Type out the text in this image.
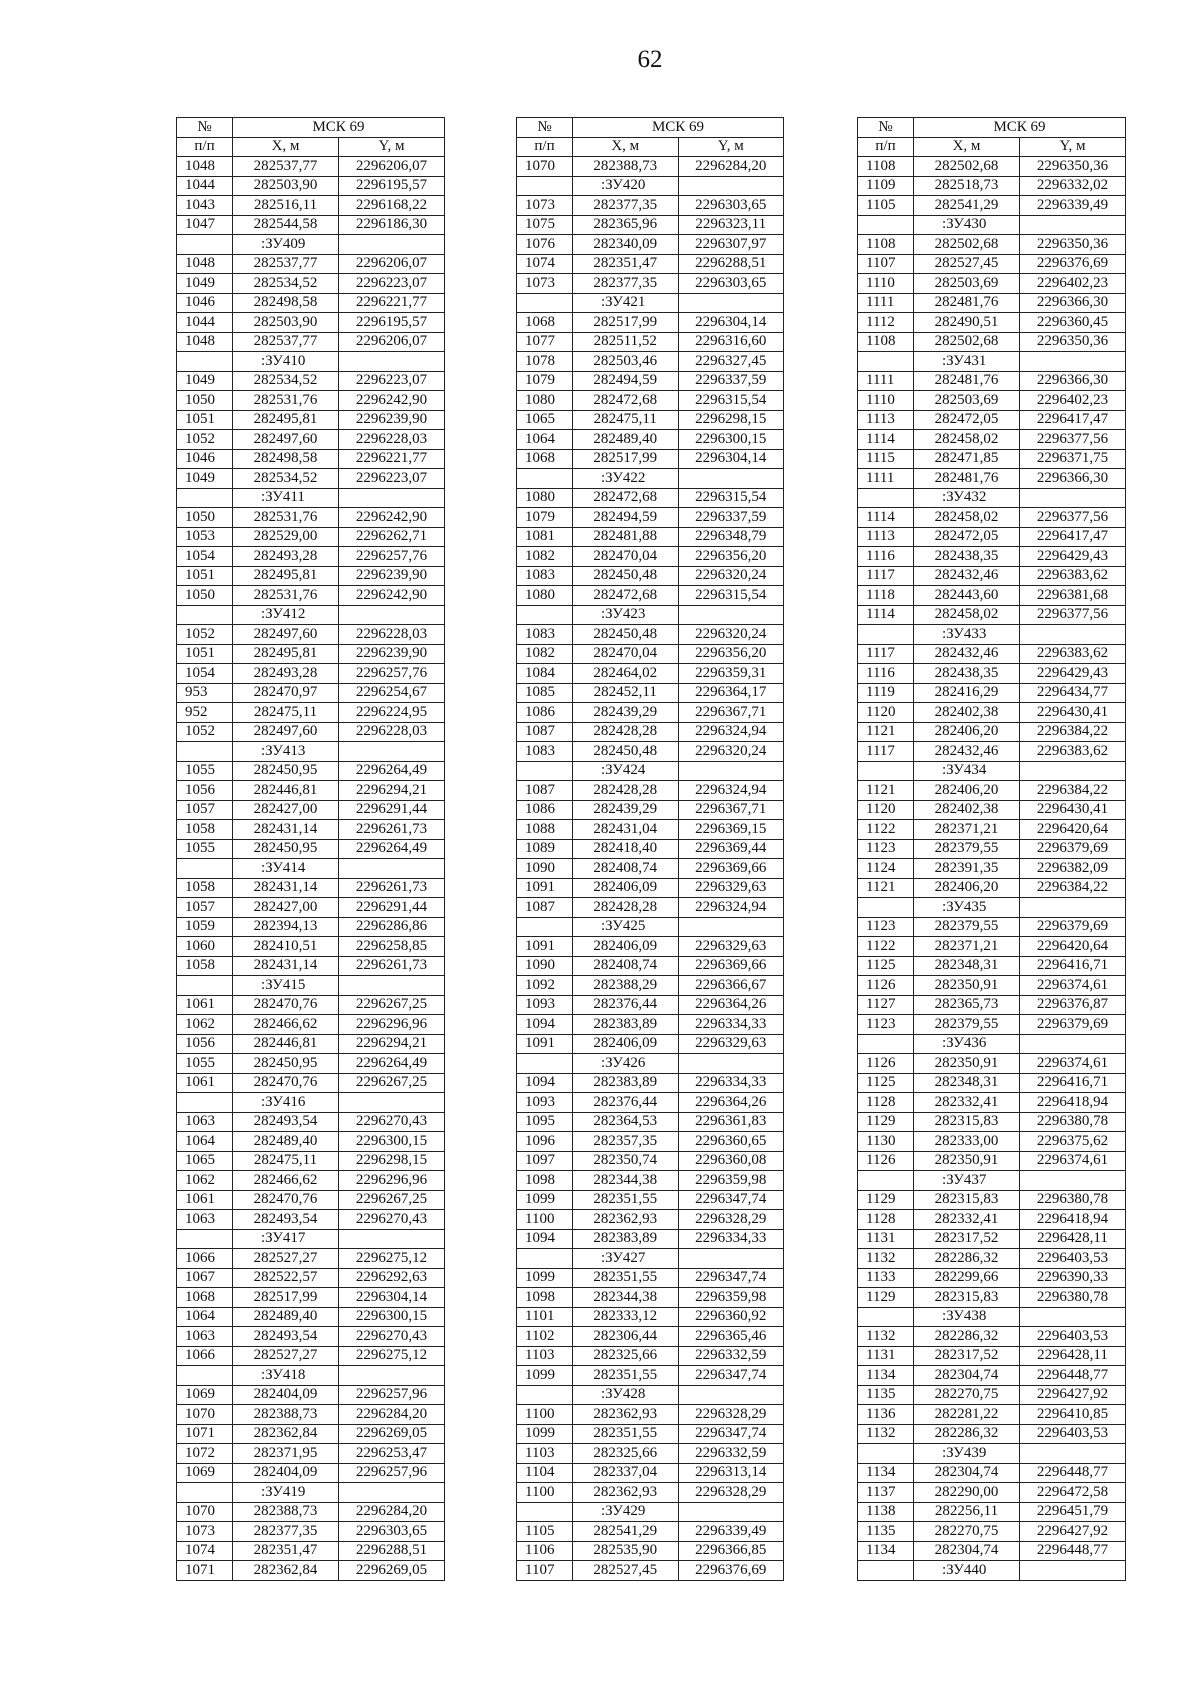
62
№	МСК 69	
п/п	X, м	Y, м
1048	282537,77	2296206,07
1044	282503,90	2296195,57
1043	282516,11	2296168,22
1047	282544,58	2296186,30
	:ЗУ409	
1048	282537,77	2296206,07
1049	282534,52	2296223,07
1046	282498,58	2296221,77
1044	282503,90	2296195,57
1048	282537,77	2296206,07
	:ЗУ410	
1049	282534,52	2296223,07
1050	282531,76	2296242,90
1051	282495,81	2296239,90
1052	282497,60	2296228,03
1046	282498,58	2296221,77
1049	282534,52	2296223,07
	:ЗУ411	
1050	282531,76	2296242,90
1053	282529,00	2296262,71
1054	282493,28	2296257,76
1051	282495,81	2296239,90
1050	282531,76	2296242,90
	:ЗУ412	
1052	282497,60	2296228,03
1051	282495,81	2296239,90
1054	282493,28	2296257,76
953	282470,97	2296254,67
952	282475,11	2296224,95
1052	282497,60	2296228,03
	:ЗУ413	
1055	282450,95	2296264,49
1056	282446,81	2296294,21
1057	282427,00	2296291,44
1058	282431,14	2296261,73
1055	282450,95	2296264,49
	:ЗУ414	
1058	282431,14	2296261,73
1057	282427,00	2296291,44
1059	282394,13	2296286,86
1060	282410,51	2296258,85
1058	282431,14	2296261,73
	:ЗУ415	
1061	282470,76	2296267,25
1062	282466,62	2296296,96
1056	282446,81	2296294,21
1055	282450,95	2296264,49
1061	282470,76	2296267,25
	:ЗУ416	
1063	282493,54	2296270,43
1064	282489,40	2296300,15
1065	282475,11	2296298,15
1062	282466,62	2296296,96
1061	282470,76	2296267,25
1063	282493,54	2296270,43
	:ЗУ417	
1066	282527,27	2296275,12
1067	282522,57	2296292,63
1068	282517,99	2296304,14
1064	282489,40	2296300,15
1063	282493,54	2296270,43
1066	282527,27	2296275,12
	:ЗУ418	
1069	282404,09	2296257,96
1070	282388,73	2296284,20
1071	282362,84	2296269,05
1072	282371,95	2296253,47
1069	282404,09	2296257,96
	:ЗУ419	
1070	282388,73	2296284,20
1073	282377,35	2296303,65
1074	282351,47	2296288,51
1071	282362,84	2296269,05
№	МСК 69	
п/п	X, м	Y, м
1070	282388,73	2296284,20
	:ЗУ420	
1073	282377,35	2296303,65
1075	282365,96	2296323,11
1076	282340,09	2296307,97
1074	282351,47	2296288,51
1073	282377,35	2296303,65
	:ЗУ421	
1068	282517,99	2296304,14
1077	282511,52	2296316,60
1078	282503,46	2296327,45
1079	282494,59	2296337,59
1080	282472,68	2296315,54
1065	282475,11	2296298,15
1064	282489,40	2296300,15
1068	282517,99	2296304,14
	:ЗУ422	
1080	282472,68	2296315,54
1079	282494,59	2296337,59
1081	282481,88	2296348,79
1082	282470,04	2296356,20
1083	282450,48	2296320,24
1080	282472,68	2296315,54
	:ЗУ423	
1083	282450,48	2296320,24
1082	282470,04	2296356,20
1084	282464,02	2296359,31
1085	282452,11	2296364,17
1086	282439,29	2296367,71
1087	282428,28	2296324,94
1083	282450,48	2296320,24
	:ЗУ424	
1087	282428,28	2296324,94
1086	282439,29	2296367,71
1088	282431,04	2296369,15
1089	282418,40	2296369,44
1090	282408,74	2296369,66
1091	282406,09	2296329,63
1087	282428,28	2296324,94
	:ЗУ425	
1091	282406,09	2296329,63
1090	282408,74	2296369,66
1092	282388,29	2296366,67
1093	282376,44	2296364,26
1094	282383,89	2296334,33
1091	282406,09	2296329,63
	:ЗУ426	
1094	282383,89	2296334,33
1093	282376,44	2296364,26
1095	282364,53	2296361,83
1096	282357,35	2296360,65
1097	282350,74	2296360,08
1098	282344,38	2296359,98
1099	282351,55	2296347,74
1100	282362,93	2296328,29
1094	282383,89	2296334,33
	:ЗУ427	
1099	282351,55	2296347,74
1098	282344,38	2296359,98
1101	282333,12	2296360,92
1102	282306,44	2296365,46
1103	282325,66	2296332,59
1099	282351,55	2296347,74
	:ЗУ428	
1100	282362,93	2296328,29
1099	282351,55	2296347,74
1103	282325,66	2296332,59
1104	282337,04	2296313,14
1100	282362,93	2296328,29
	:ЗУ429	
1105	282541,29	2296339,49
1106	282535,90	2296366,85
1107	282527,45	2296376,69
№	МСК 69	
п/п	X, м	Y, м
1108	282502,68	2296350,36
1109	282518,73	2296332,02
1105	282541,29	2296339,49
	:ЗУ430	
1108	282502,68	2296350,36
1107	282527,45	2296376,69
1110	282503,69	2296402,23
1111	282481,76	2296366,30
1112	282490,51	2296360,45
1108	282502,68	2296350,36
	:ЗУ431	
1111	282481,76	2296366,30
1110	282503,69	2296402,23
1113	282472,05	2296417,47
1114	282458,02	2296377,56
1115	282471,85	2296371,75
1111	282481,76	2296366,30
	:ЗУ432	
1114	282458,02	2296377,56
1113	282472,05	2296417,47
1116	282438,35	2296429,43
1117	282432,46	2296383,62
1118	282443,60	2296381,68
1114	282458,02	2296377,56
	:ЗУ433	
1117	282432,46	2296383,62
1116	282438,35	2296429,43
1119	282416,29	2296434,77
1120	282402,38	2296430,41
1121	282406,20	2296384,22
1117	282432,46	2296383,62
	:ЗУ434	
1121	282406,20	2296384,22
1120	282402,38	2296430,41
1122	282371,21	2296420,64
1123	282379,55	2296379,69
1124	282391,35	2296382,09
1121	282406,20	2296384,22
	:ЗУ435	
1123	282379,55	2296379,69
1122	282371,21	2296420,64
1125	282348,31	2296416,71
1126	282350,91	2296374,61
1127	282365,73	2296376,87
1123	282379,55	2296379,69
	:ЗУ436	
1126	282350,91	2296374,61
1125	282348,31	2296416,71
1128	282332,41	2296418,94
1129	282315,83	2296380,78
1130	282333,00	2296375,62
1126	282350,91	2296374,61
	:ЗУ437	
1129	282315,83	2296380,78
1128	282332,41	2296418,94
1131	282317,52	2296428,11
1132	282286,32	2296403,53
1133	282299,66	2296390,33
1129	282315,83	2296380,78
	:ЗУ438	
1132	282286,32	2296403,53
1131	282317,52	2296428,11
1134	282304,74	2296448,77
1135	282270,75	2296427,92
1136	282281,22	2296410,85
1132	282286,32	2296403,53
	:ЗУ439	
1134	282304,74	2296448,77
1137	282290,00	2296472,58
1138	282256,11	2296451,79
1135	282270,75	2296427,92
1134	282304,74	2296448,77
	:ЗУ440	
